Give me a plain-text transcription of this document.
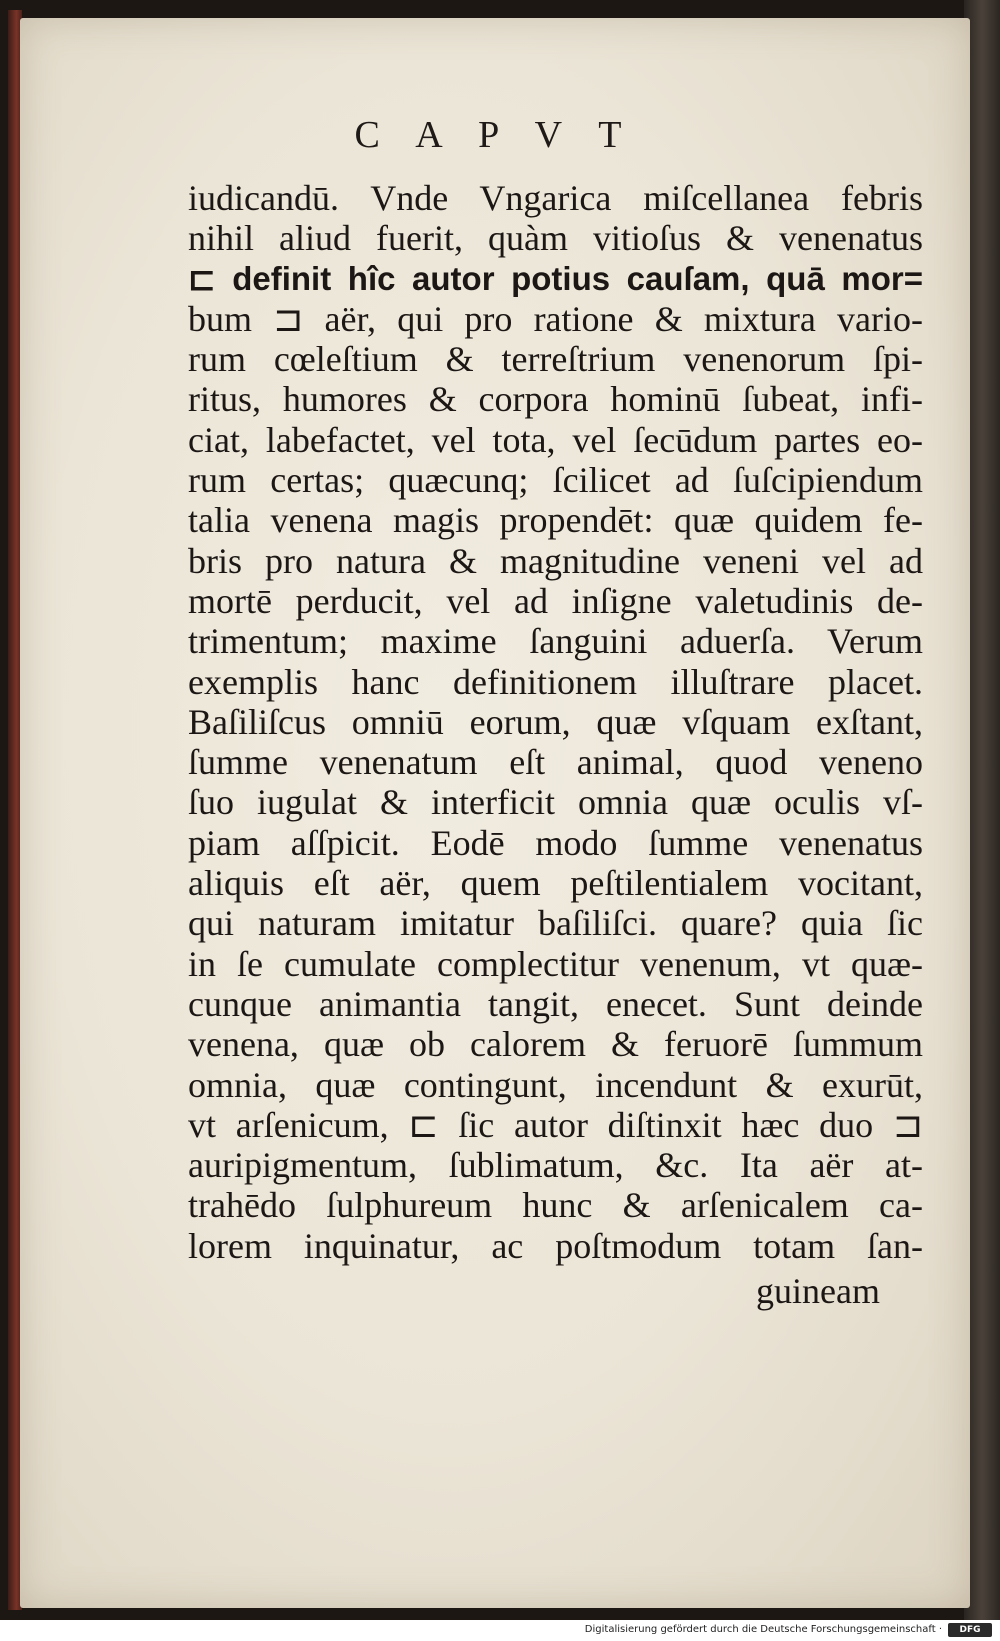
C A P V T
iudicandū. Vnde Vngarica miſcellanea febris
nihil aliud fuerit, quàm vitioſus & venenatus
⊏ definit hîc autor potius cauſam, quā mor=
bum ⊐ aër, qui pro ratione & mixtura vario-
rum cœleſtium & terreſtrium venenorum ſpi-
ritus, humores & corpora hominū ſubeat, infi-
ciat, labefactet, vel tota, vel ſecūdum partes eo-
rum certas; quæcunq; ſcilicet ad ſuſcipiendum
talia venena magis propendēt: quæ quidem fe-
bris pro natura & magnitudine veneni vel ad
mortē perducit, vel ad inſigne valetudinis de-
trimentum; maxime ſanguini aduerſa. Verum
exemplis hanc definitionem illuſtrare placet.
Baſiliſcus omniū eorum, quæ vſquam exſtant,
ſumme venenatum eſt animal, quod veneno
ſuo iugulat & interficit omnia quæ oculis vſ-
piam aſſpicit. Eodē modo ſumme venenatus
aliquis eſt aër, quem peſtilentialem vocitant,
qui naturam imitatur baſiliſci. quare? quia ſic
in ſe cumulate complectitur venenum, vt quæ-
cunque animantia tangit, enecet. Sunt deinde
venena, quæ ob calorem & feruorē ſummum
omnia, quæ contingunt, incendunt & exurūt,
vt arſenicum, ⊏ ſic autor diſtinxit hæc duo ⊐
auripigmentum, ſublimatum, &c. Ita aër at-
trahēdo ſulphureum hunc & arſenicalem ca-
lorem inquinatur, ac poſtmodum totam ſan-
guineam
Digitalisierung gefördert durch die Deutsche Forschungsgemeinschaft ·	DFG
